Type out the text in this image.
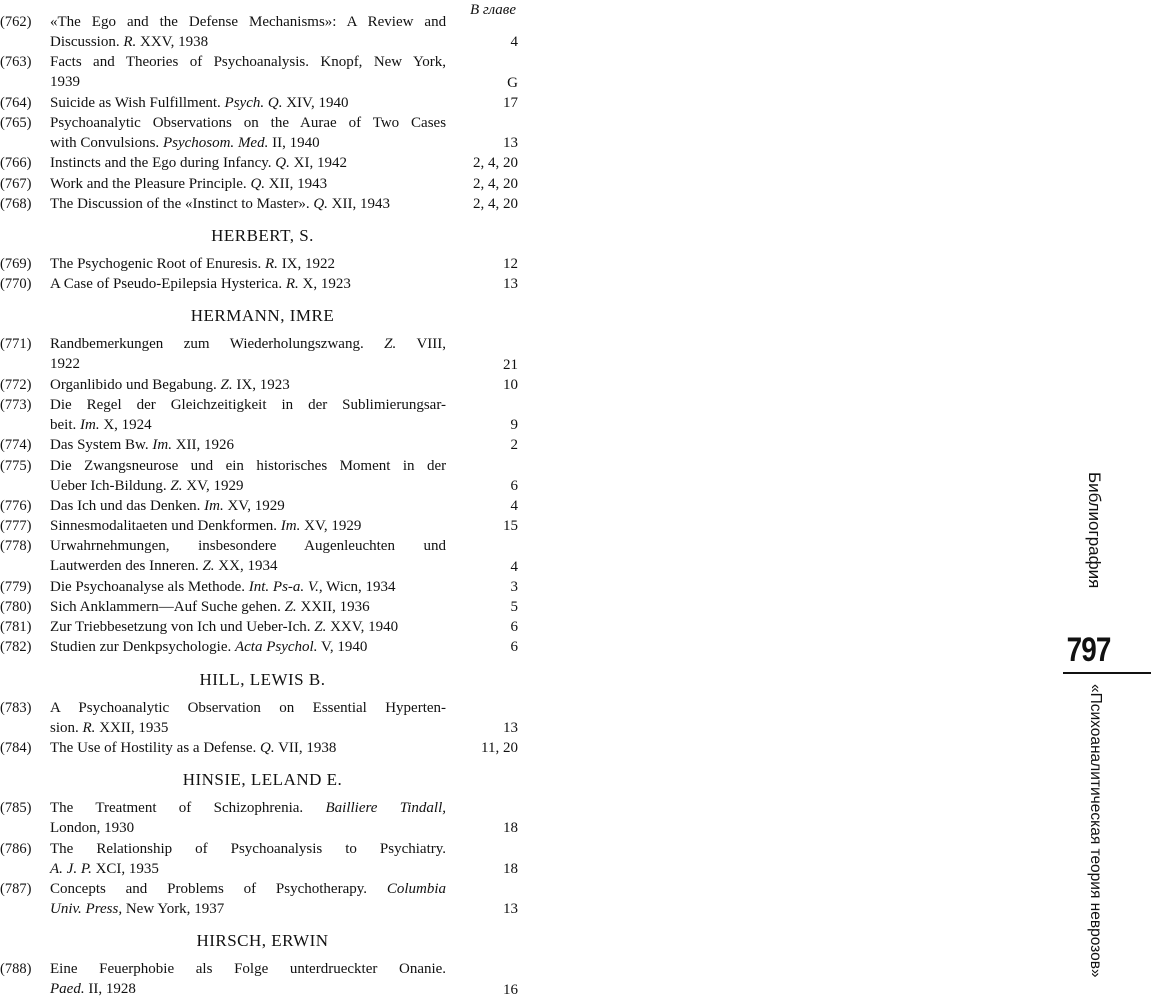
В главе
(762)	«The Ego and the Defense Mechanisms»: A Review and
Discussion. R. XXV, 1938	4
(763)	Facts and Theories of Psychoanalysis. Knopf, New York,
1939	G
(764)	Suicide as Wish Fulfillment. Psych. Q. XIV, 1940	17
(765)	Psychoanalytic Observations on the Aurae of Two Cases
with Convulsions. Psychosom. Med. II, 1940	13
(766)	Instincts and the Ego during Infancy. Q. XI, 1942	2, 4, 20
(767)	Work and the Pleasure Principle. Q. XII, 1943	2, 4, 20
(768)	The Discussion of the «Instinct to Master». Q. XII, 1943	2, 4, 20
HERBERT, S.
(769)	The Psychogenic Root of Enuresis. R. IX, 1922	12
(770)	A Case of Pseudo-Epilepsia Hysterica. R. X, 1923	13
HERMANN, IMRE
(771)	Randbemerkungen zum Wiederholungszwang. Z. VIII,
1922	21
(772)	Organlibido und Begabung. Z. IX, 1923	10
(773)	Die Regel der Gleichzeitigkeit in der Sublimierungsar-
beit. Im. X, 1924	9
(774)	Das System Bw. Im. XII, 1926	2
(775)	Die Zwangsneurose und ein historisches Moment in der
Ueber Ich-Bildung. Z. XV, 1929	6
(776)	Das Ich und das Denken. Im. XV, 1929	4
(777)	Sinnesmodalitaeten und Denkformen. Im. XV, 1929	15
(778)	Urwahrnehmungen, insbesondere Augenleuchten und
Lautwerden des Inneren. Z. XX, 1934	4
(779)	Die Psychoanalyse als Methode. Int. Ps-a. V., Wicn, 1934	3
(780)	Sich Anklammern—Auf Suche gehen. Z. XXII, 1936	5
(781)	Zur Triebbesetzung von Ich und Ueber-Ich. Z. XXV, 1940	6
(782)	Studien zur Denkpsychologie. Acta Psychol. V, 1940	6
HILL, LEWIS B.
(783)	A Psychoanalytic Observation on Essential Hyperten-
sion. R. XXII, 1935	13
(784)	The Use of Hostility as a Defense. Q. VII, 1938	11, 20
HINSIE, LELAND E.
(785)	The Treatment of Schizophrenia. Bailliere Tindall,
London, 1930	18
(786)	The Relationship of Psychoanalysis to Psychiatry.
A. J. P. XCI, 1935	18
(787)	Concepts and Problems of Psychotherapy. Columbia
Univ. Press, New York, 1937	13
HIRSCH, ERWIN
(788)	Eine Feuerphobie als Folge unterdrueckter Onanie.
Paed. II, 1928	16
Библиография
797
«Психоаналитическая теория неврозов»
